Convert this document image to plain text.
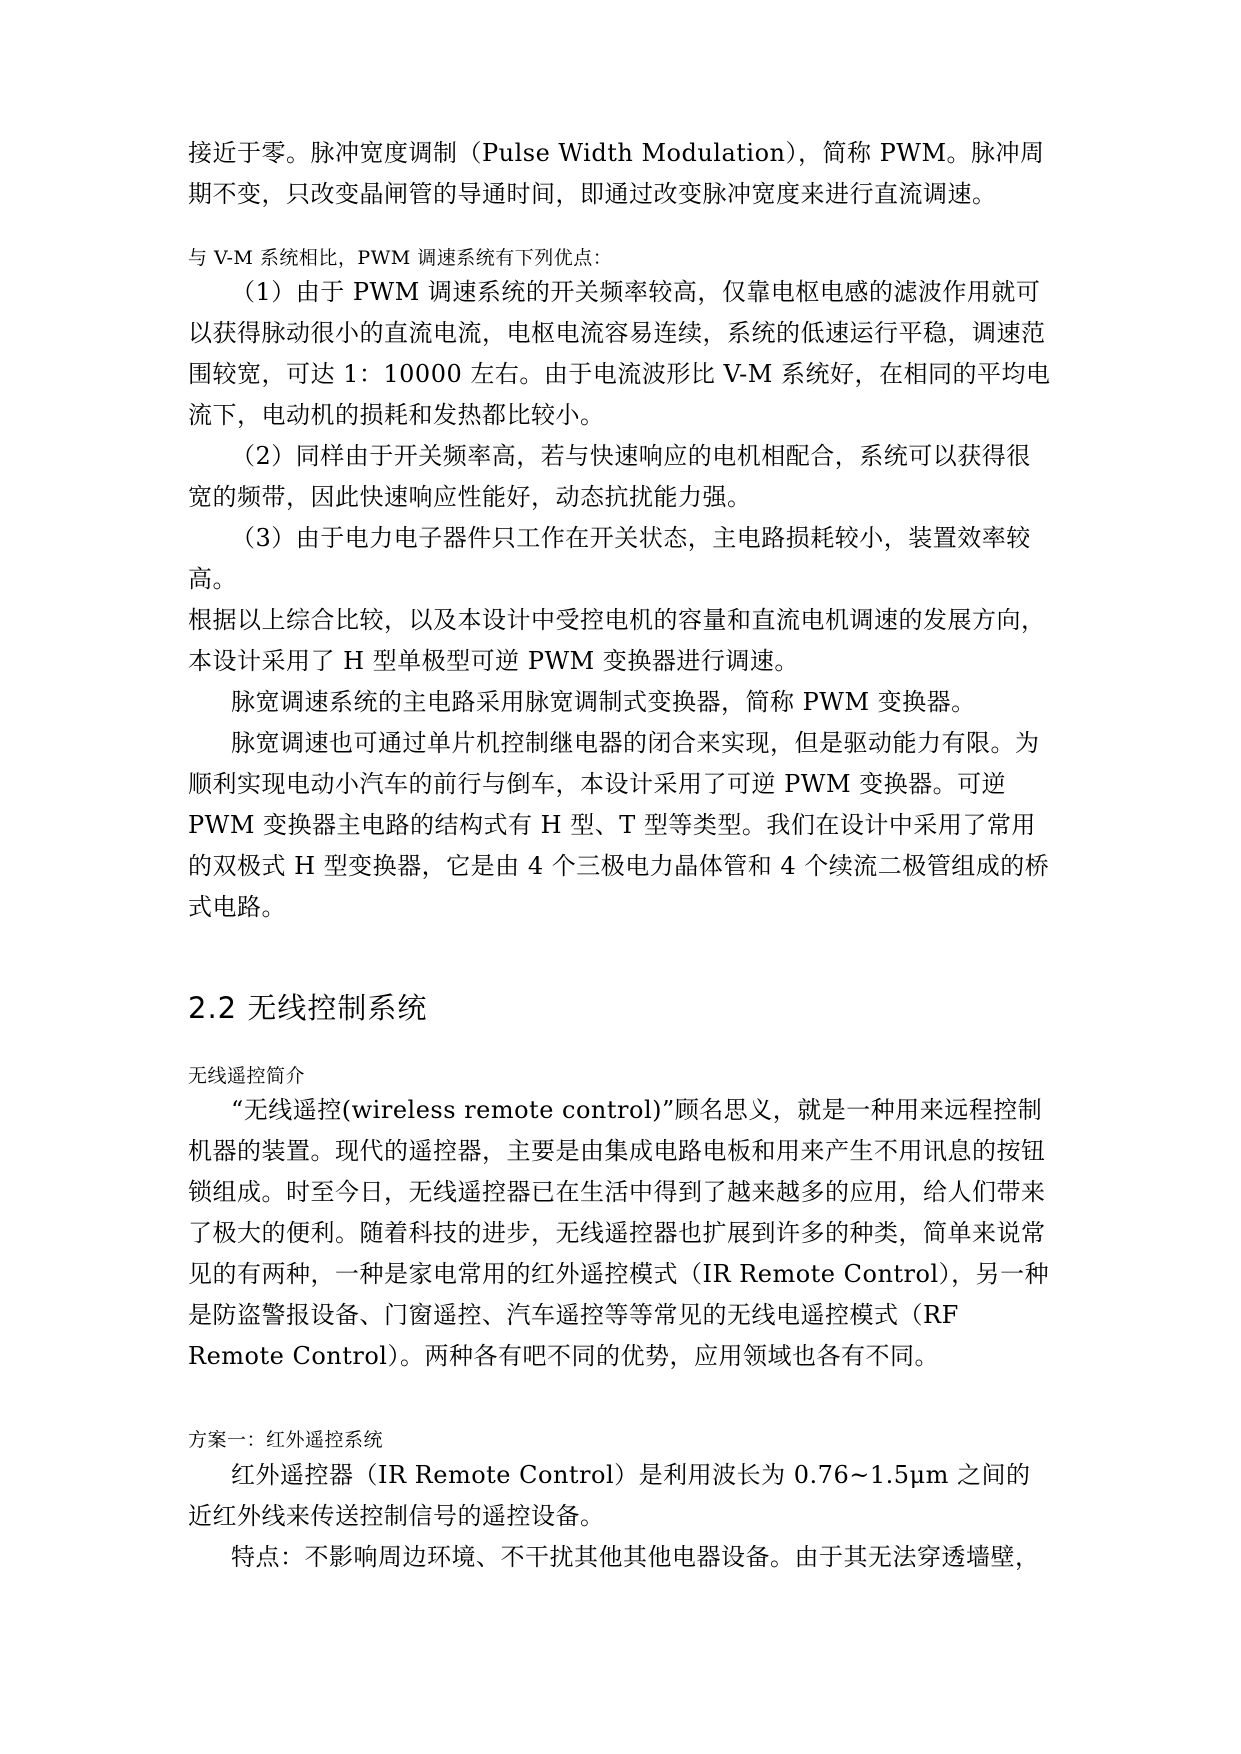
接近于零。脉冲宽度调制（Pulse Width Modulation），简称 PWM。脉冲周期不变，只改变晶闸管的导通时间，即通过改变脉冲宽度来进行直流调速。

与 V-M 系统相比，PWM 调速系统有下列优点：

（1）由于 PWM 调速系统的开关频率较高，仅靠电枢电感的滤波作用就可以获得脉动很小的直流电流，电枢电流容易连续，系统的低速运行平稳，调速范围较宽，可达 1：10000 左右。由于电流波形比 V-M 系统好，在相同的平均电流下，电动机的损耗和发热都比较小。

（2）同样由于开关频率高，若与快速响应的电机相配合，系统可以获得很宽的频带，因此快速响应性能好，动态抗扰能力强。

（3）由于电力电子器件只工作在开关状态，主电路损耗较小，装置效率较高。

根据以上综合比较，以及本设计中受控电机的容量和直流电机调速的发展方向，本设计采用了 H 型单极型可逆 PWM 变换器进行调速。

脉宽调速系统的主电路采用脉宽调制式变换器，简称 PWM 变换器。

脉宽调速也可通过单片机控制继电器的闭合来实现，但是驱动能力有限。为顺利实现电动小汽车的前行与倒车，本设计采用了可逆 PWM 变换器。可逆 PWM 变换器主电路的结构式有 H 型、T 型等类型。我们在设计中采用了常用的双极式 H 型变换器，它是由 4 个三极电力晶体管和 4 个续流二极管组成的桥式电路。

2.2 无线控制系统
无线遥控简介

“无线遥控(wireless remote control)”顾名思义，就是一种用来远程控制机器的装置。现代的遥控器，主要是由集成电路电板和用来产生不用讯息的按钮锁组成。时至今日，无线遥控器已在生活中得到了越来越多的应用，给人们带来了极大的便利。随着科技的进步，无线遥控器也扩展到许多的种类，简单来说常见的有两种，一种是家电常用的红外遥控模式（IR Remote Control），另一种是防盗警报设备、门窗遥控、汽车遥控等等常见的无线电遥控模式（RF Remote Control）。两种各有吧不同的优势，应用领域也各有不同。

方案一：红外遥控系统

红外遥控器（IR Remote Control）是利用波长为 0.76~1.5μm 之间的近红外线来传送控制信号的遥控设备。

特点：不影响周边环境、不干扰其他其他电器设备。由于其无法穿透墙壁，
